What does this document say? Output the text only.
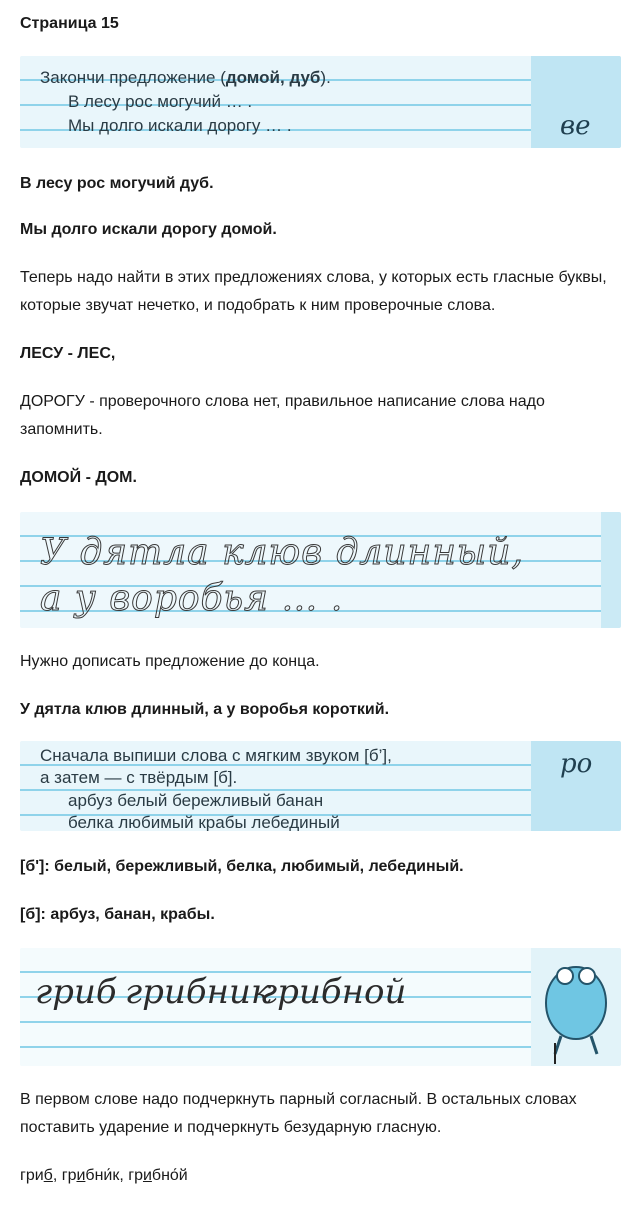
Страница 15
Закончи предложение (домой, дуб).
В лесу рос могучий … .
Мы долго искали дорогу … .	ве
В лесу рос могучий дуб.
Мы долго искали дорогу домой.
Теперь надо найти в этих предложениях слова, у которых есть гласные буквы, которые звучат нечетко, и подобрать к ним проверочные слова.
ЛЕСУ - ЛЕС,
ДОРОГУ - проверочного слова нет, правильное написание слова надо запомнить.
ДОМОЙ - ДОМ.
У дятла клюв длинный,
а у воробья … .
Нужно дописать предложение до конца.
У дятла клюв длинный, а у воробья короткий.
Сначала выпиши слова с мягким звуком [б’],
а затем — с твёрдым [б].
арбуз белый бережливый банан
белка любимый крабы лебединый
ро
[б']: белый, бережливый, белка, любимый, лебединый.
[б]: арбуз, банан, крабы.
гриб грибник
грибной
В первом слове надо подчеркнуть парный согласный. В остальных словах поставить ударение и подчеркнуть безударную гласную.
гриб, грибни́к, грибно́й
